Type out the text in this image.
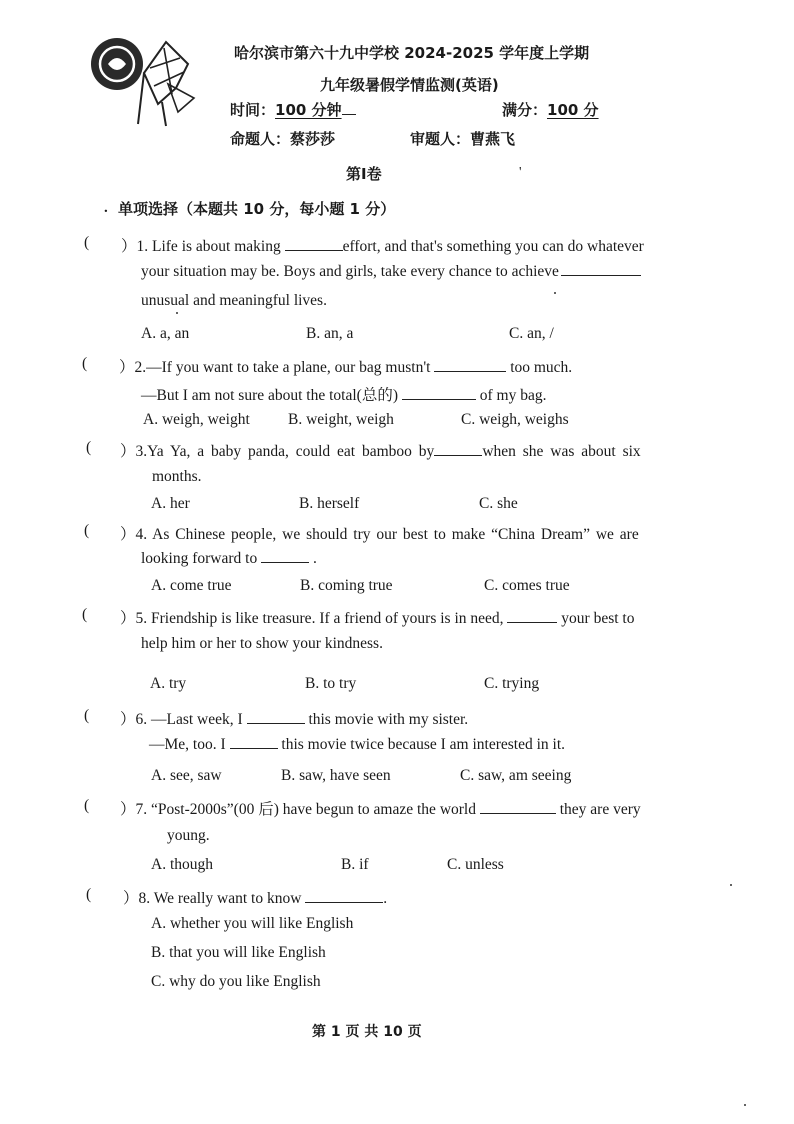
哈尔滨市第六十九中学校 2024-2025 学年度上学期
九年级暑假学情监测(英语)
时间：100 分钟	满分：100 分
命题人：蔡莎莎	审题人：曹燕飞
第Ⅰ卷	'
. 单项选择（本题共 10 分，每小题 1 分）
( ）1. Life is about making	effort, and that's something you can do whatever
your situation may be. Boys and girls, take every chance to achieve
unusual and meaningful lives.
A. a, an	B. an, a	C. an, /
( ）2.—If you want to take a plane, our bag mustn't	too much.
—But I am not sure about the total(总的)	of my bag.
A. weigh, weight B. weight, weigh	C. weigh, weighs
( ）3.Ya Ya, a baby panda, could eat bamboo by	when she was about six
months.
A. her	B. herself	C. she
( ）4. As Chinese people, we should try our best to make “China Dream” we are
looking forward to	.
A. come true	B. coming true	C. comes true
( ）5. Friendship is like treasure. If a friend of yours is in need,	your best to
help him or her to show your kindness.
A. try	B. to try	C. trying
( ）6. —Last week, I	this movie with my sister.
—Me, too. I	this movie twice because I am interested in it.
A. see, saw	B. saw, have seen	C. saw, am seeing
( ）7. “Post-2000s”(00 后) have begun to amaze the world	they are very
young.
A. though	B. if	C. unless
( ）8. We really want to know	.
A. whether you will like English
B. that you will like English
C. why do you like English
第 1 页 共 10 页
